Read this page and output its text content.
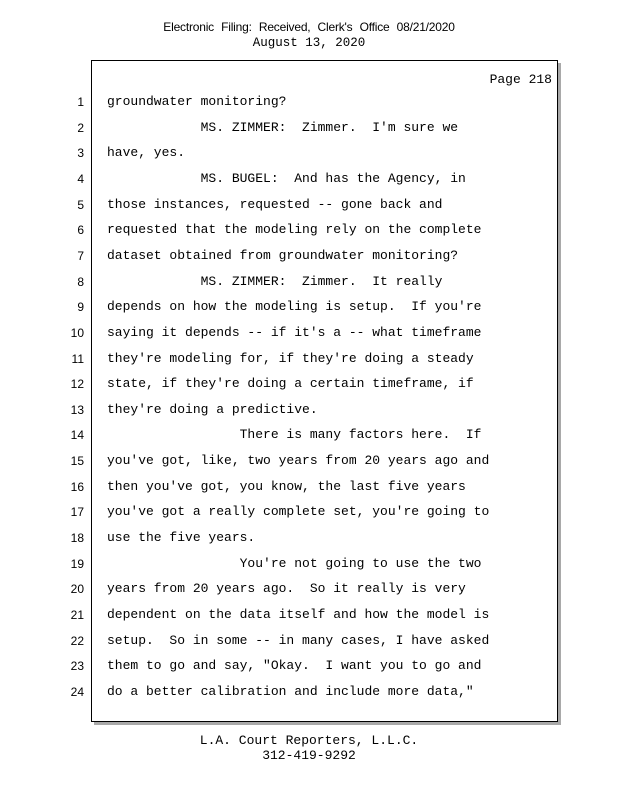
Electronic Filing: Received, Clerk's Office 08/21/2020
August 13, 2020
Page 218
1 groundwater monitoring?
2 MS. ZIMMER:  Zimmer.  I'm sure we
3 have, yes.
4 MS. BUGEL:  And has the Agency, in
5 those instances, requested -- gone back and
6 requested that the modeling rely on the complete
7 dataset obtained from groundwater monitoring?
8 MS. ZIMMER:  Zimmer.  It really
9 depends on how the modeling is setup.  If you're
10 saying it depends -- if it's a -- what timeframe
11 they're modeling for, if they're doing a steady
12 state, if they're doing a certain timeframe, if
13 they're doing a predictive.
14 There is many factors here.  If
15 you've got, like, two years from 20 years ago and
16 then you've got, you know, the last five years
17 you've got a really complete set, you're going to
18 use the five years.
19 You're not going to use the two
20 years from 20 years ago.  So it really is very
21 dependent on the data itself and how the model is
22 setup.  So in some -- in many cases, I have asked
23 them to go and say, "Okay.  I want you to go and
24 do a better calibration and include more data,"
L.A. Court Reporters, L.L.C.
312-419-9292
